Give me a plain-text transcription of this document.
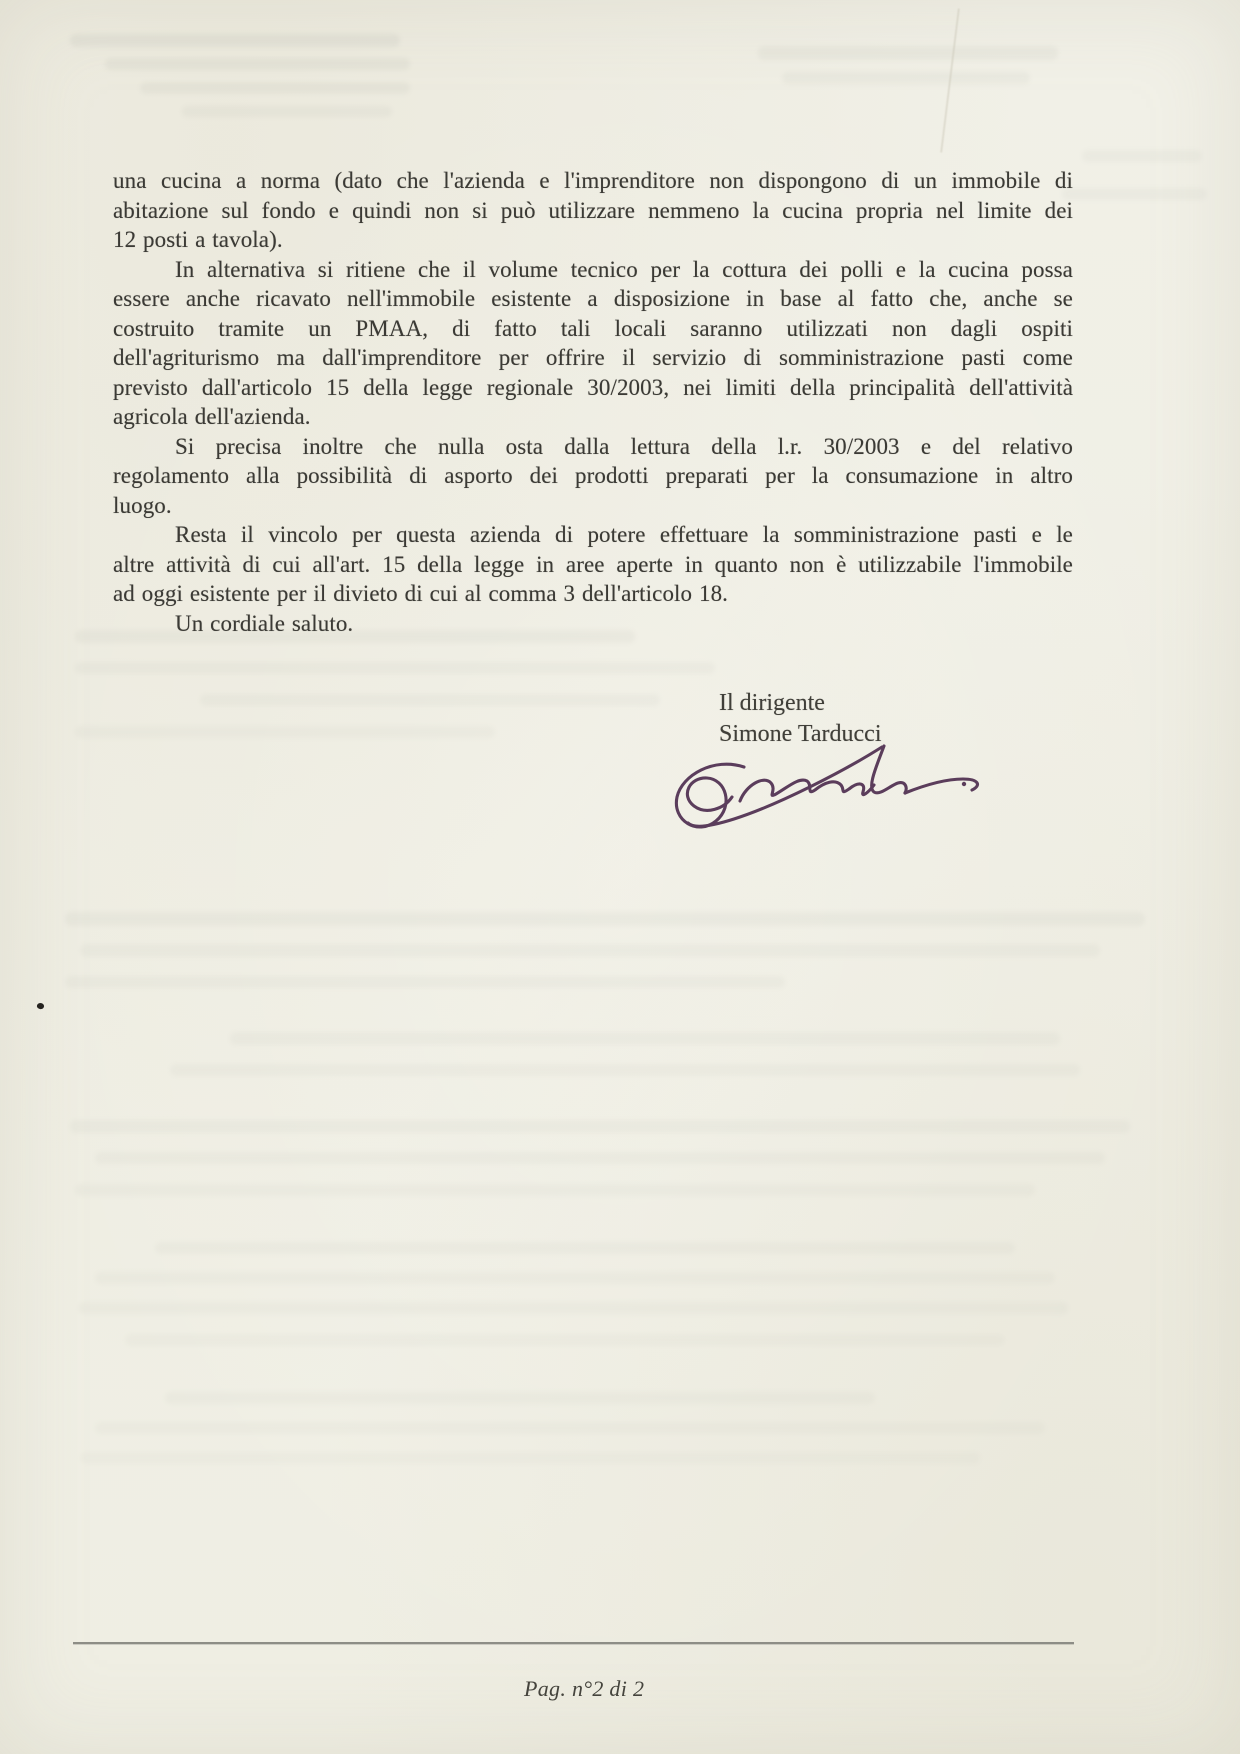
una cucina a norma (dato che l'azienda e l'imprenditore non dispongono di un immobile di
abitazione sul fondo e quindi non si può utilizzare nemmeno la cucina propria nel limite dei
12 posti a tavola).
In alternativa si ritiene che il volume tecnico per la cottura dei polli e la cucina possa
essere anche ricavato nell'immobile esistente a disposizione in base al fatto che, anche se
costruito tramite un PMAA, di fatto tali locali saranno utilizzati non dagli ospiti
dell'agriturismo ma dall'imprenditore per offrire il servizio di somministrazione pasti come
previsto dall'articolo 15 della legge regionale 30/2003, nei limiti della principalità dell'attività
agricola dell'azienda.
Si precisa inoltre che nulla osta dalla lettura della l.r. 30/2003 e del relativo
regolamento alla possibilità di asporto dei prodotti preparati per la consumazione in altro
luogo.
Resta il vincolo per questa azienda di potere effettuare la somministrazione pasti e le
altre attività di cui all'art. 15 della legge in aree aperte in quanto non è utilizzabile l'immobile
ad oggi esistente per il divieto di cui al comma 3 dell'articolo 18.
Un cordiale saluto.
Il dirigente
Simone Tarducci
Pag. n°2 di 2
